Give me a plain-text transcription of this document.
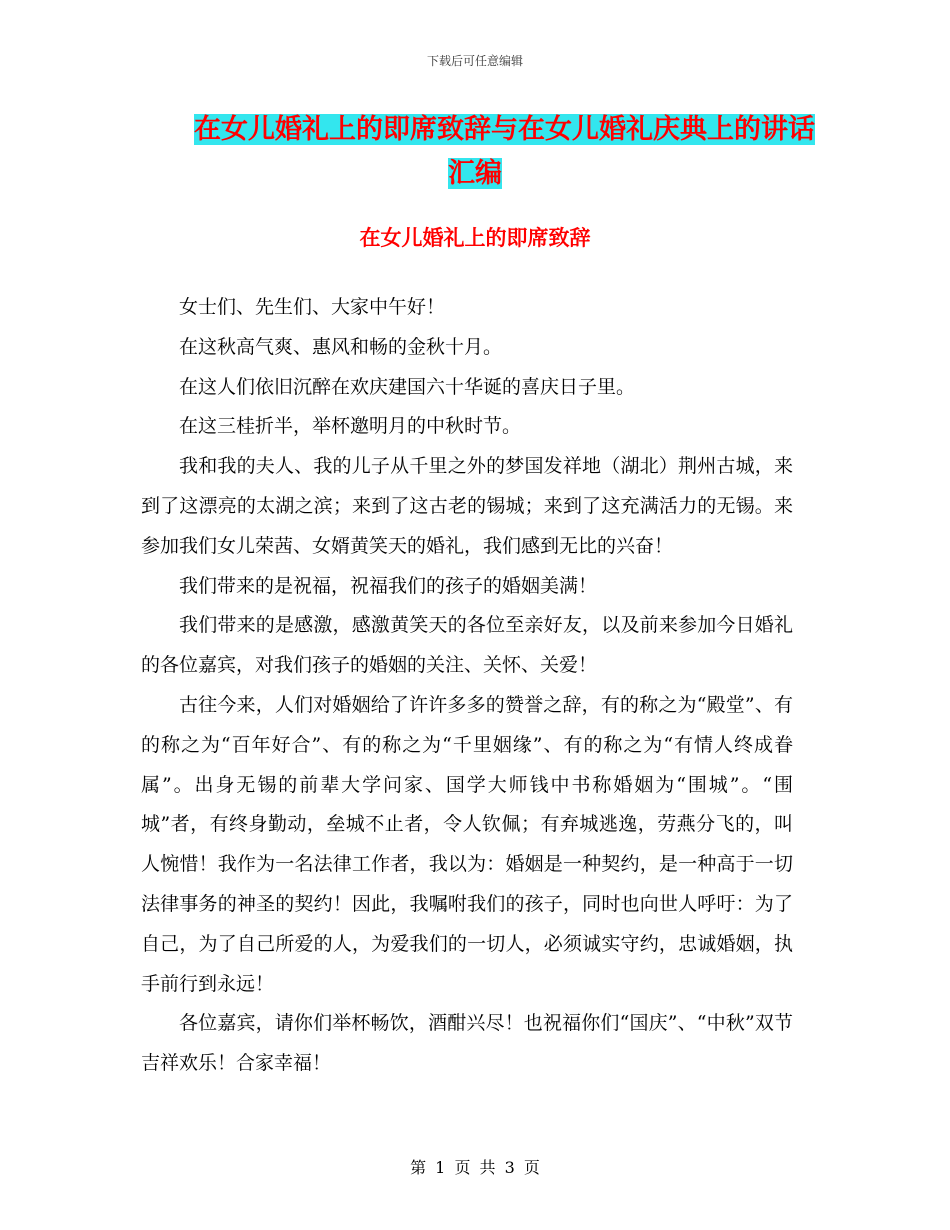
下载后可任意编辑
在女儿婚礼上的即席致辞与在女儿婚礼庆典上的讲话
汇编
在女儿婚礼上的即席致辞

女士们、先生们、大家中午好！

在这秋高气爽、惠风和畅的金秋十月。

在这人们依旧沉醉在欢庆建国六十华诞的喜庆日子里。

在这三桂折半，举杯邀明月的中秋时节。

我和我的夫人、我的儿子从千里之外的梦国发祥地（湖北）荆州古城，来到了这漂亮的太湖之滨；来到了这古老的锡城；来到了这充满活力的无锡。来参加我们女儿荣茜、女婿黄笑天的婚礼，我们感到无比的兴奋！

我们带来的是祝福，祝福我们的孩子的婚姻美满！

我们带来的是感激，感激黄笑天的各位至亲好友，以及前来参加今日婚礼的各位嘉宾，对我们孩子的婚姻的关注、关怀、关爱！

古往今来，人们对婚姻给了许许多多的赞誉之辞，有的称之为“殿堂”、有的称之为“百年好合”、有的称之为“千里姻缘”、有的称之为“有情人终成眷属”。出身无锡的前辈大学问家、国学大师钱中书称婚姻为“围城”。“围城”者，有终身勤动，垒城不止者，令人钦佩；有弃城逃逸，劳燕分飞的，叫人惋惜！我作为一名法律工作者，我以为：婚姻是一种契约，是一种高于一切法律事务的神圣的契约！因此，我嘱咐我们的孩子，同时也向世人呼吁：为了自己，为了自己所爱的人，为爱我们的一切人，必须诚实守约，忠诚婚姻，执手前行到永远！

各位嘉宾，请你们举杯畅饮，酒酣兴尽！也祝福你们“国庆”、“中秋”双节吉祥欢乐！合家幸福！

第 1 页 共 3 页
